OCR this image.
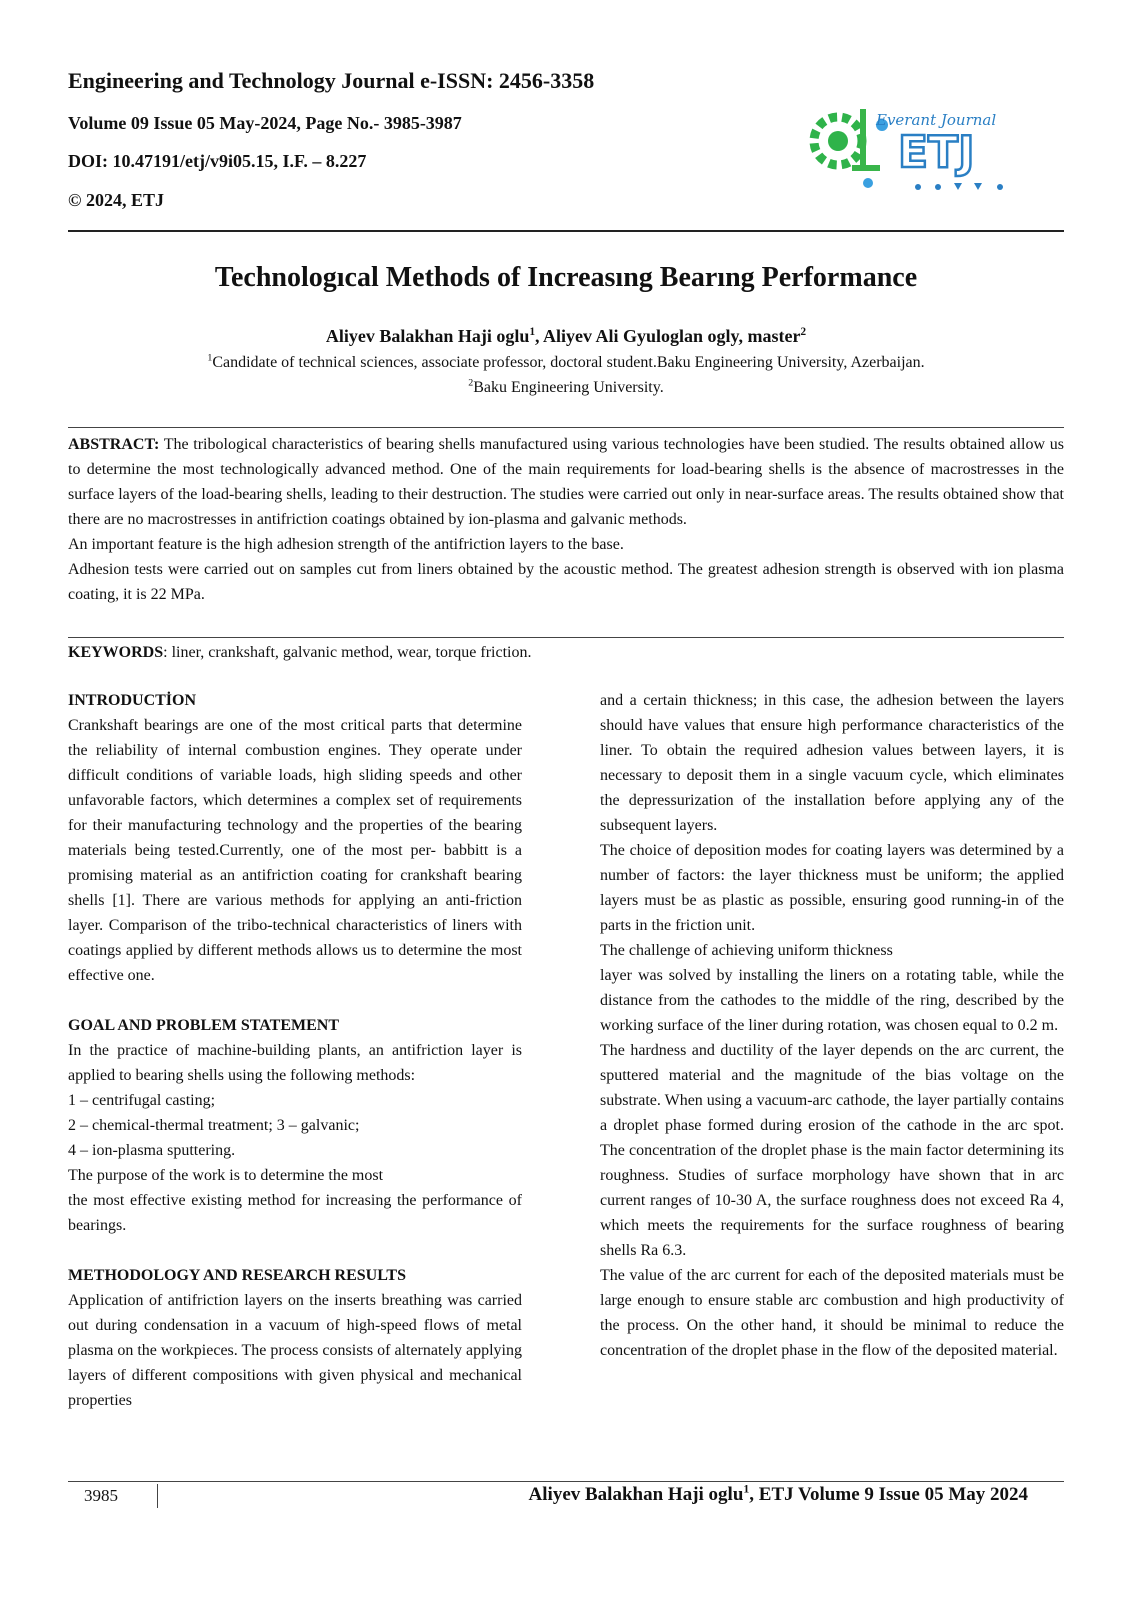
Engineering and Technology Journal e-ISSN: 2456-3358
Volume 09 Issue 05 May-2024, Page No.- 3985-3987
DOI: 10.47191/etj/v9i05.15, I.F. – 8.227
© 2024, ETJ
Everant Journal
ETJ
Technologıcal Methods of Increasıng Bearıng Performance
Aliyev Balakhan Haji oglu$^1$, Aliyev Ali Gyuloglan ogly, master$^2$
$^1$Candidate of technical sciences, associate professor, doctoral student.Baku Engineering University, Azerbaijan.
$^2$Baku Engineering University.

ABSTRACT: The tribological characteristics of bearing shells manufactured using various technologies have been studied. The results obtained allow us to determine the most technologically advanced method. One of the main requirements for load-bearing shells is the absence of macrostresses in the surface layers of the load-bearing shells, leading to their destruction. The studies were carried out only in near-surface areas. The results obtained show that there are no macrostresses in antifriction coatings obtained by ion-plasma and galvanic methods.

An important feature is the high adhesion strength of the antifriction layers to the base.

Adhesion tests were carried out on samples cut from liners obtained by the acoustic method. The greatest adhesion strength is observed with ion plasma coating, it is 22 MPa.

KEYWORDS: liner, crankshaft, galvanic method, wear, torque friction.

INTRODUCTİON

Crankshaft bearings are one of the most critical parts that determine the reliability of internal combustion engines. They operate under difficult conditions of variable loads, high sliding speeds and other unfavorable factors, which determines a complex set of requirements for their manufacturing technology and the properties of the bearing materials being tested.Currently, one of the most per- babbitt is a promising material as an antifriction coating for crankshaft bearing shells [1]. There are various methods for applying an anti-friction layer. Comparison of the tribo-technical characteristics of liners with coatings applied by different methods allows us to determine the most effective one.

GOAL AND PROBLEM STATEMENT

In the practice of machine-building plants, an antifriction layer is applied to bearing shells using the following methods:

1 – centrifugal casting;

2 – chemical-thermal treatment; 3 – galvanic;

4 – ion-plasma sputtering.

The purpose of the work is to determine the most

the most effective existing method for increasing the performance of bearings.

METHODOLOGY AND RESEARCH RESULTS

Application of antifriction layers on the inserts breathing was carried out during condensation in a vacuum of high-speed flows of metal plasma on the workpieces. The process consists of alternately applying layers of different compositions with given physical and mechanical properties

and a certain thickness; in this case, the adhesion between the layers should have values that ensure high performance characteristics of the liner. To obtain the required adhesion values between layers, it is necessary to deposit them in a single vacuum cycle, which eliminates the depressurization of the installation before applying any of the subsequent layers.

The choice of deposition modes for coating layers was determined by a number of factors: the layer thickness must be uniform; the applied layers must be as plastic as possible, ensuring good running-in of the parts in the friction unit.

The challenge of achieving uniform thickness

layer was solved by installing the liners on a rotating table, while the distance from the cathodes to the middle of the ring, described by the working surface of the liner during rotation, was chosen equal to 0.2 m.

The hardness and ductility of the layer depends on the arc current, the sputtered material and the magnitude of the bias voltage on the substrate. When using a vacuum-arc cathode, the layer partially contains a droplet phase formed during erosion of the cathode in the arc spot. The concentration of the droplet phase is the main factor determining its roughness. Studies of surface morphology have shown that in arc current ranges of 10-30 A, the surface roughness does not exceed Ra 4, which meets the requirements for the surface roughness of bearing shells Ra 6.3.

The value of the arc current for each of the deposited materials must be large enough to ensure stable arc combustion and high productivity of the process. On the other hand, it should be minimal to reduce the concentration of the droplet phase in the flow of the deposited material.

3985	Aliyev Balakhan Haji oglu$^1$, ETJ Volume 9 Issue 05 May 2024
